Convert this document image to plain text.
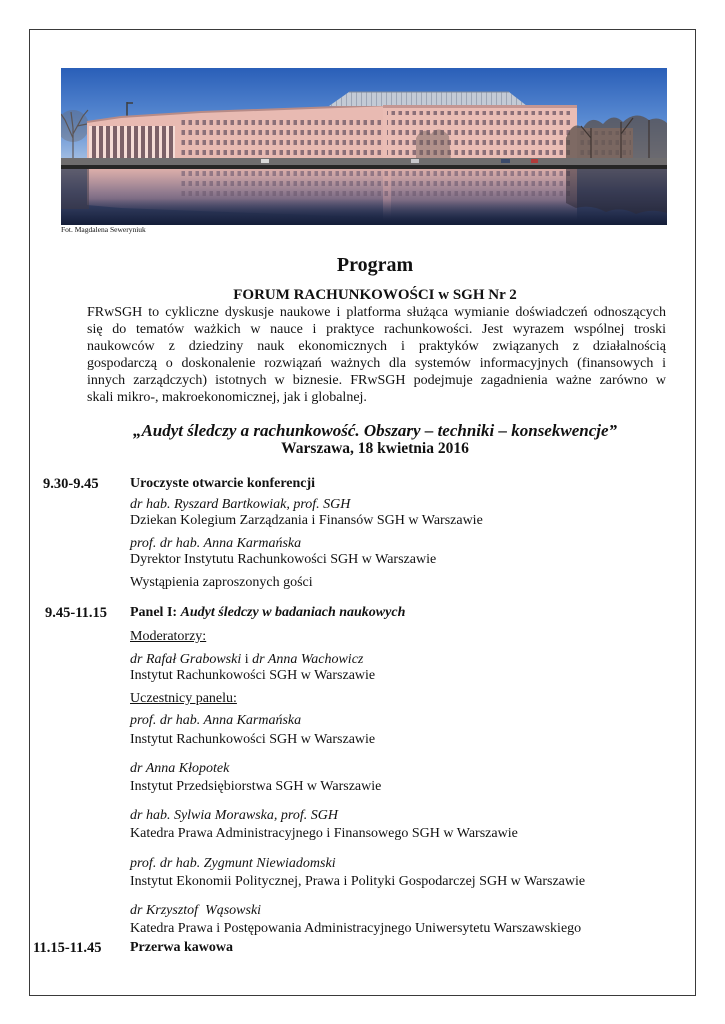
Fot. Magdalena Seweryniuk
Program
FORUM RACHUNKOWOŚCI w SGH Nr 2
FRwSGH to cykliczne dyskusje naukowe i platforma służąca wymianie doświadczeń odnoszących
się do tematów ważkich w nauce i praktyce rachunkowości. Jest wyrazem wspólnej troski
naukowców z dziedziny nauk ekonomicznych i praktyków związanych z działalnością
gospodarczą o doskonalenie rozwiązań ważnych dla systemów informacyjnych (finansowych i
innych zarządczych) istotnych w biznesie. FRwSGH podejmuje zagadnienia ważne zarówno w
skali mikro-, makroekonomicznej, jak i globalnej.
„Audyt śledczy a rachunkowość. Obszary – techniki – konsekwencje”
Warszawa, 18 kwietnia 2016
9.30-9.45 Uroczyste otwarcie konferencji
dr hab. Ryszard Bartkowiak, prof. SGH
Dziekan Kolegium Zarządzania i Finansów SGH w Warszawie
prof. dr hab. Anna Karmańska
Dyrektor Instytutu Rachunkowości SGH w Warszawie
Wystąpienia zaproszonych gości
9.45-11.15 Panel I: Audyt śledczy w badaniach naukowych
Moderatorzy:
dr Rafał Grabowski i dr Anna Wachowicz
Instytut Rachunkowości SGH w Warszawie
Uczestnicy panelu:
prof. dr hab. Anna Karmańska
Instytut Rachunkowości SGH w Warszawie
dr Anna Kłopotek
Instytut Przedsiębiorstwa SGH w Warszawie
dr hab. Sylwia Morawska, prof. SGH
Katedra Prawa Administracyjnego i Finansowego SGH w Warszawie
prof. dr hab. Zygmunt Niewiadomski
Instytut Ekonomii Politycznej, Prawa i Polityki Gospodarczej SGH w Warszawie
dr Krzysztof  Wąsowski
Katedra Prawa i Postępowania Administracyjnego Uniwersytetu Warszawskiego
11.15-11.45 Przerwa kawowa
